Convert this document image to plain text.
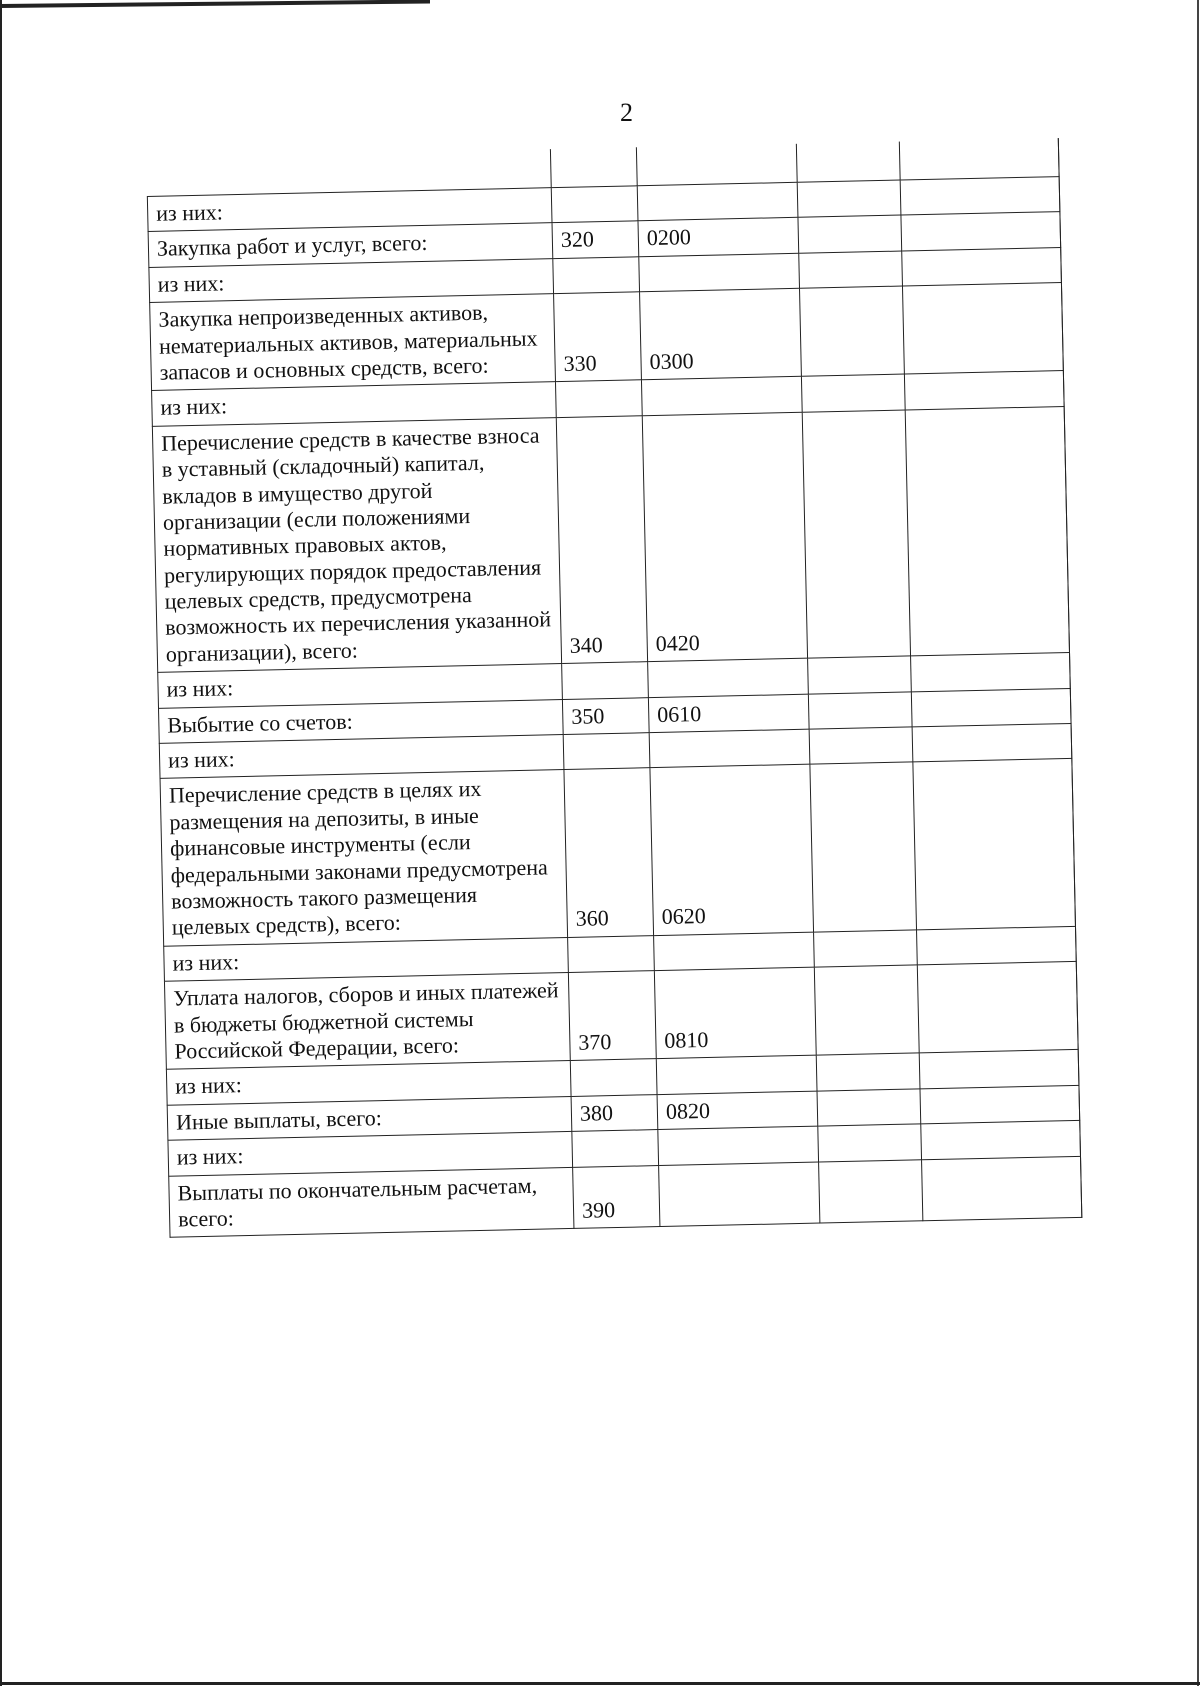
2

из них:					
Закупка работ и услуг, всего:	320	0200			
из них:					
Закупка непроизведенных активов, нематериальных активов, материальных запасов и основных средств, всего:	330	0300			
из них:					
Перечисление средств в качестве взноса в уставный (складочный) капитал, вкладов в имущество другой организации (если положениями нормативных правовых актов, регулирующих порядок предоставления целевых средств, предусмотрена возможность их перечисления указанной организации), всего:	340	0420			
из них:					
Выбытие со счетов:	350	0610			
из них:					
Перечисление средств в целях их размещения на депозиты, в иные финансовые инструменты (если федеральными законами предусмотрена возможность такого размещения целевых средств), всего:	360	0620			
из них:					
Уплата налогов, сборов и иных платежей в бюджеты бюджетной системы Российской Федерации, всего:	370	0810			
из них:					
Иные выплаты, всего:	380	0820			
из них:					
Выплаты по окончательным расчетам, всего:	390				
